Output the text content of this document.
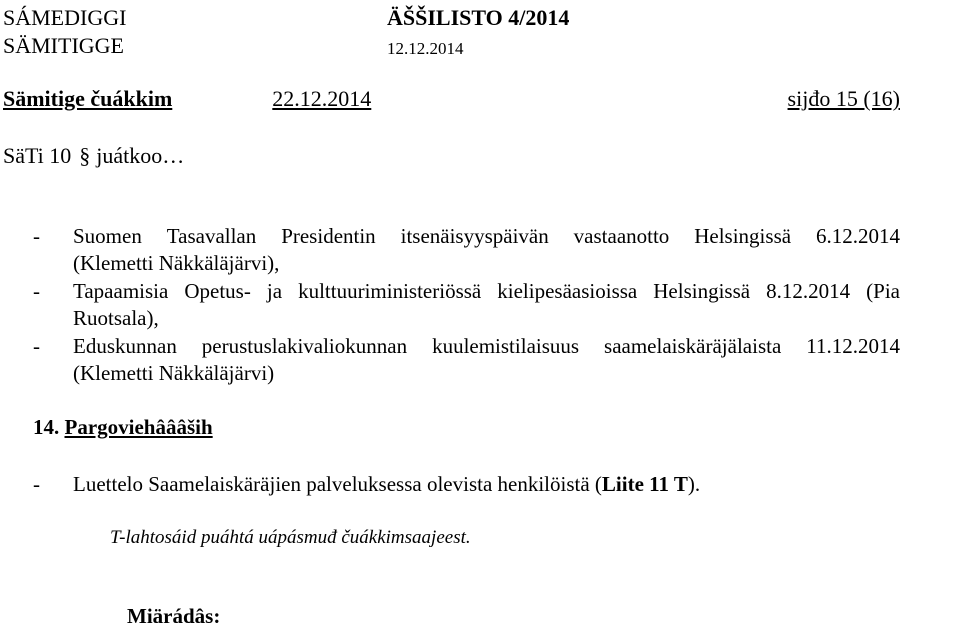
SÁMEDIGGI	ÄŠŠILISTO 4/2014
SÄMITIGGE	12.12.2014
Sämitige čuákkim	22.12.2014	sijđo 15 (16)
SäTi 10 § juátkoo…
- Suomen Tasavallan Presidentin itsenäisyyspäivän vastaanotto Helsingissä 6.12.2014
(Klemetti Näkkäläjärvi),
- Tapaamisia Opetus- ja kulttuuriministeriössä kielipesäasioissa Helsingissä 8.12.2014 (Pia
Ruotsala),
- Eduskunnan perustuslakivaliokunnan kuulemistilaisuus saamelaiskäräjälaista 11.12.2014
(Klemetti Näkkäläjärvi)
14. Pargoviehâââših
- Luettelo Saamelaiskäräjien palveluksessa olevista henkilöistä (Liite 11 T).
T-lahtosáid puáhtá uápásmuđ čuákkimsaajeest.
Miärádâs:
